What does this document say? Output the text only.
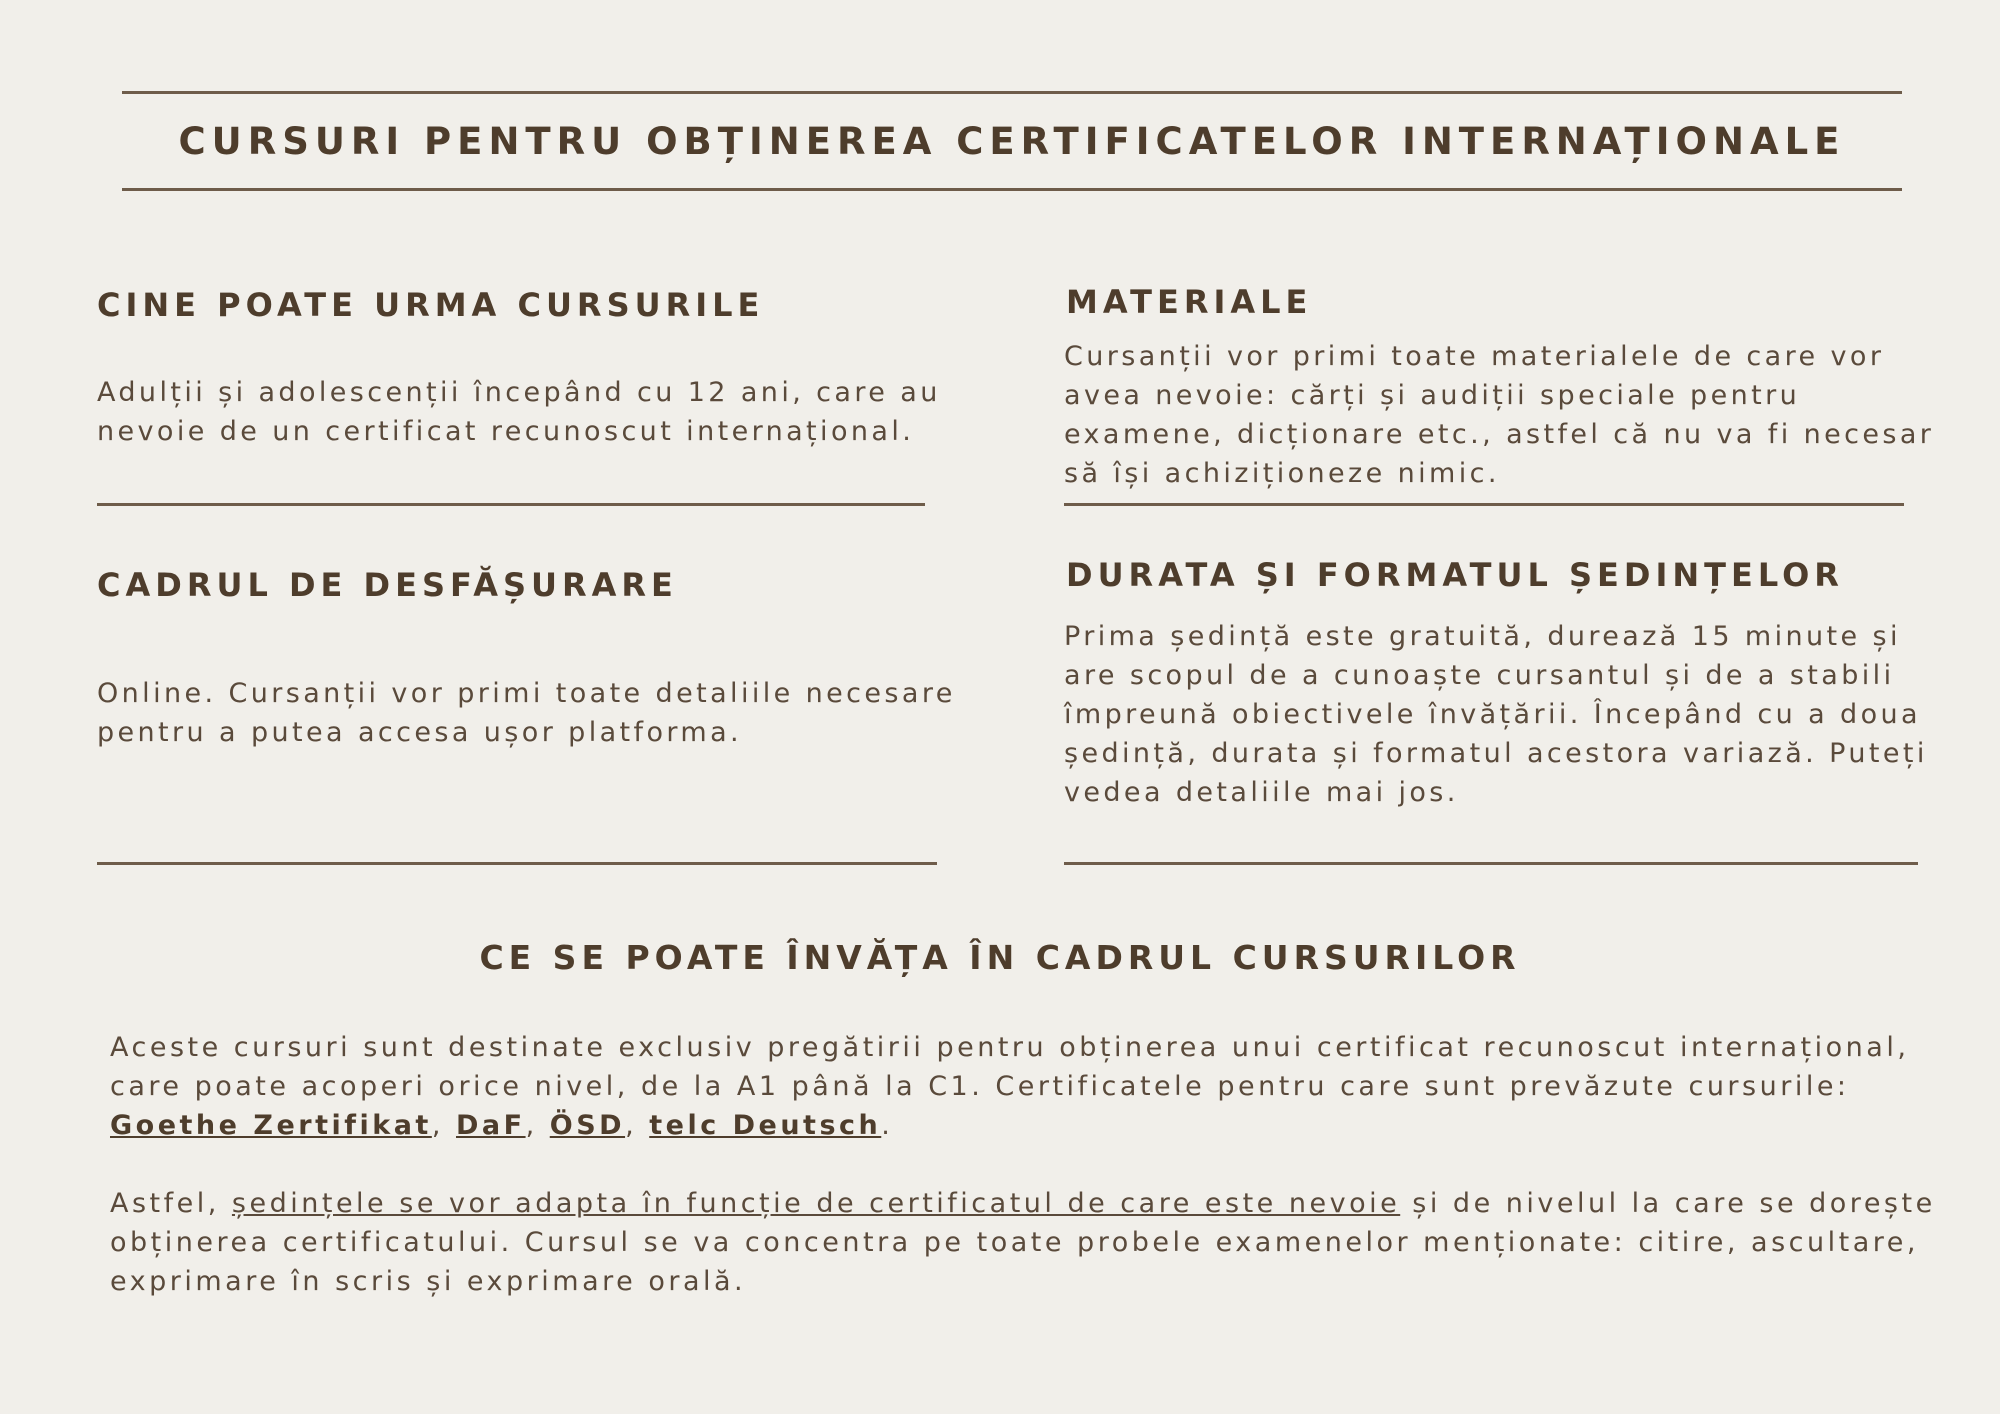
CURSURI PENTRU OBȚINEREA CERTIFICATELOR INTERNAȚIONALE
CINE POATE URMA CURSURILE
Adulții și adolescenții începând cu 12 ani, care au nevoie de un certificat recunoscut internațional.
CADRUL DE DESFĂȘURARE
Online. Cursanții vor primi toate detaliile necesare pentru a putea accesa ușor platforma.
MATERIALE
Cursanții vor primi toate materialele de care vor avea nevoie: cărți și audiții speciale pentru examene, dicționare etc., astfel că nu va fi necesar să își achiziționeze nimic.
DURATA ȘI FORMATUL ȘEDINȚELOR
Prima ședință este gratuită, durează 15 minute și are scopul de a cunoaște cursantul și de a stabili împreună obiectivele învățării. Începând cu a doua ședință, durata și formatul acestora variază. Puteți vedea detaliile mai jos.
CE SE POATE ÎNVĂȚA ÎN CADRUL CURSURILOR
Aceste cursuri sunt destinate exclusiv pregătirii pentru obținerea unui certificat recunoscut internațional, care poate acoperi orice nivel, de la A1 până la C1. Certificatele pentru care sunt prevăzute cursurile: Goethe Zertifikat, DaF, ÖSD, telc Deutsch.
Astfel, ședințele se vor adapta în funcție de certificatul de care este nevoie și de nivelul la care se dorește obținerea certificatului. Cursul se va concentra pe toate probele examenelor menționate: citire, ascultare, exprimare în scris și exprimare orală.
